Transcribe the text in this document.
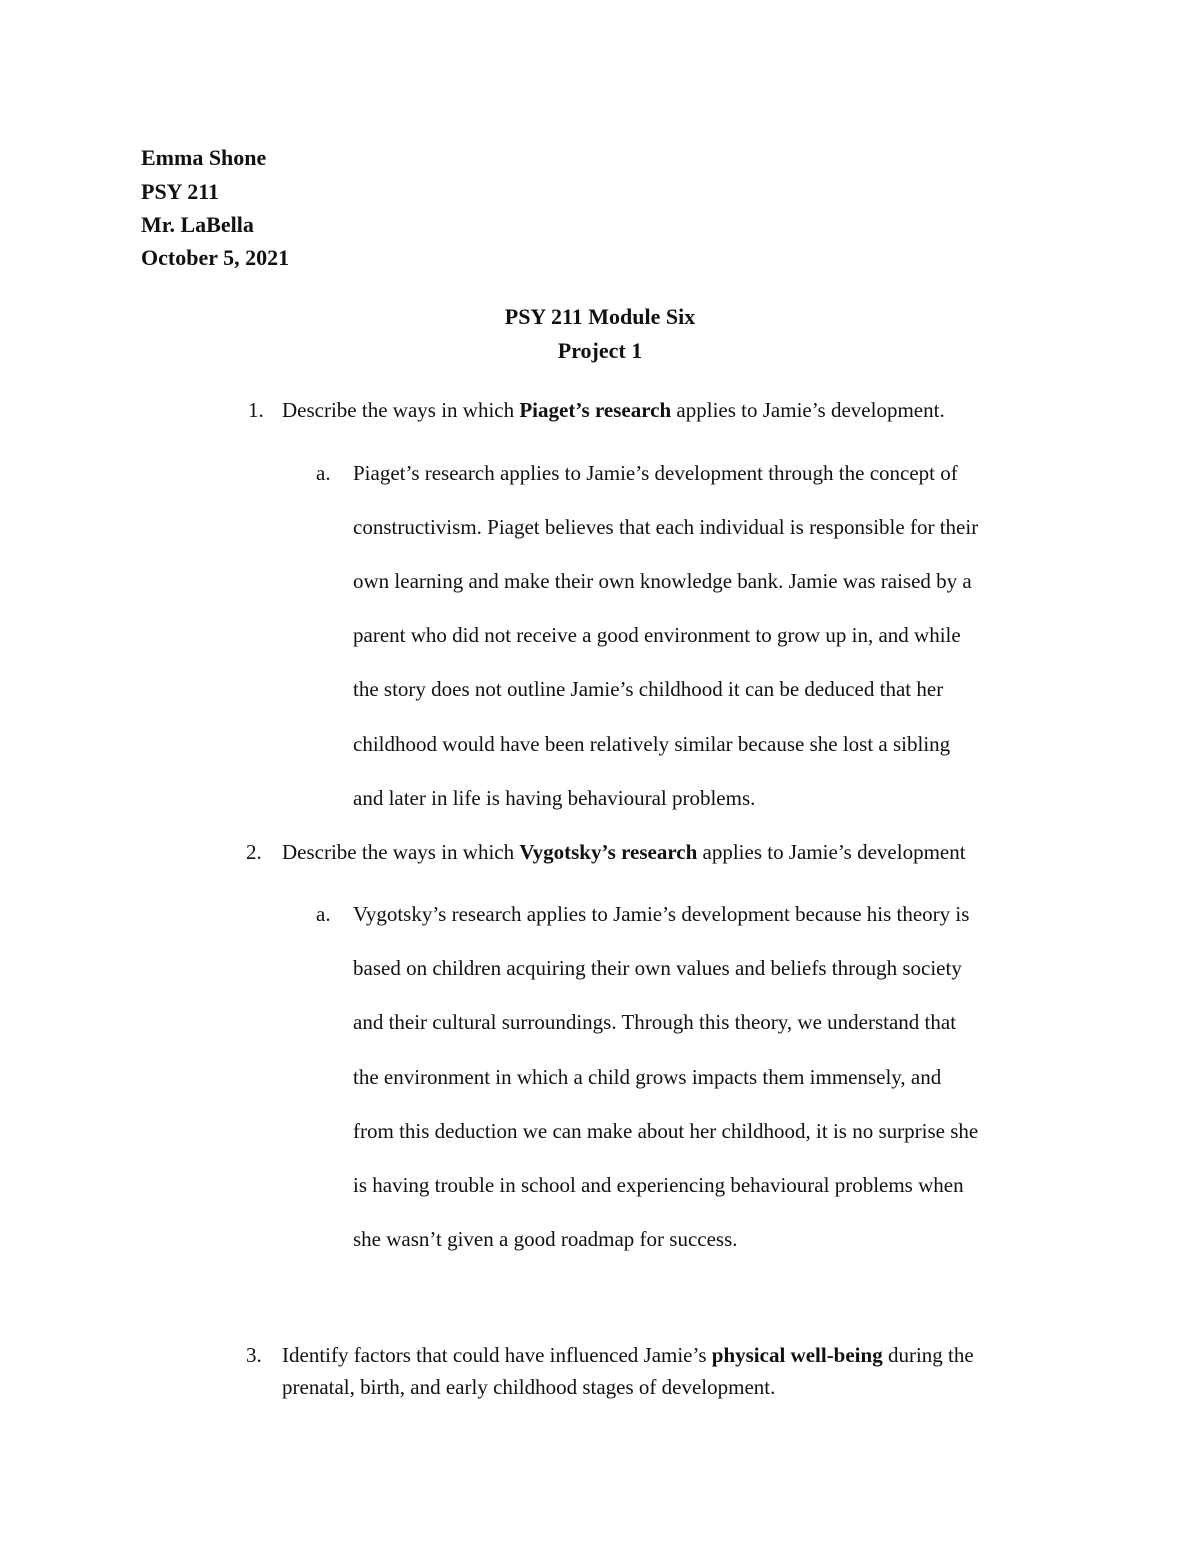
Emma Shone
PSY 211
Mr. LaBella
October 5, 2021
PSY 211 Module Six
Project 1
1. Describe the ways in which Piaget’s research applies to Jamie’s development.
a. Piaget’s research applies to Jamie’s development through the concept of
constructivism. Piaget believes that each individual is responsible for their
own learning and make their own knowledge bank. Jamie was raised by a
parent who did not receive a good environment to grow up in, and while
the story does not outline Jamie’s childhood it can be deduced that her
childhood would have been relatively similar because she lost a sibling
and later in life is having behavioural problems.
2. Describe the ways in which Vygotsky’s research applies to Jamie’s development
a. Vygotsky’s research applies to Jamie’s development because his theory is
based on children acquiring their own values and beliefs through society
and their cultural surroundings. Through this theory, we understand that
the environment in which a child grows impacts them immensely, and
from this deduction we can make about her childhood, it is no surprise she
is having trouble in school and experiencing behavioural problems when
she wasn’t given a good roadmap for success.
3. Identify factors that could have influenced Jamie’s physical well-being during the
prenatal, birth, and early childhood stages of development.
